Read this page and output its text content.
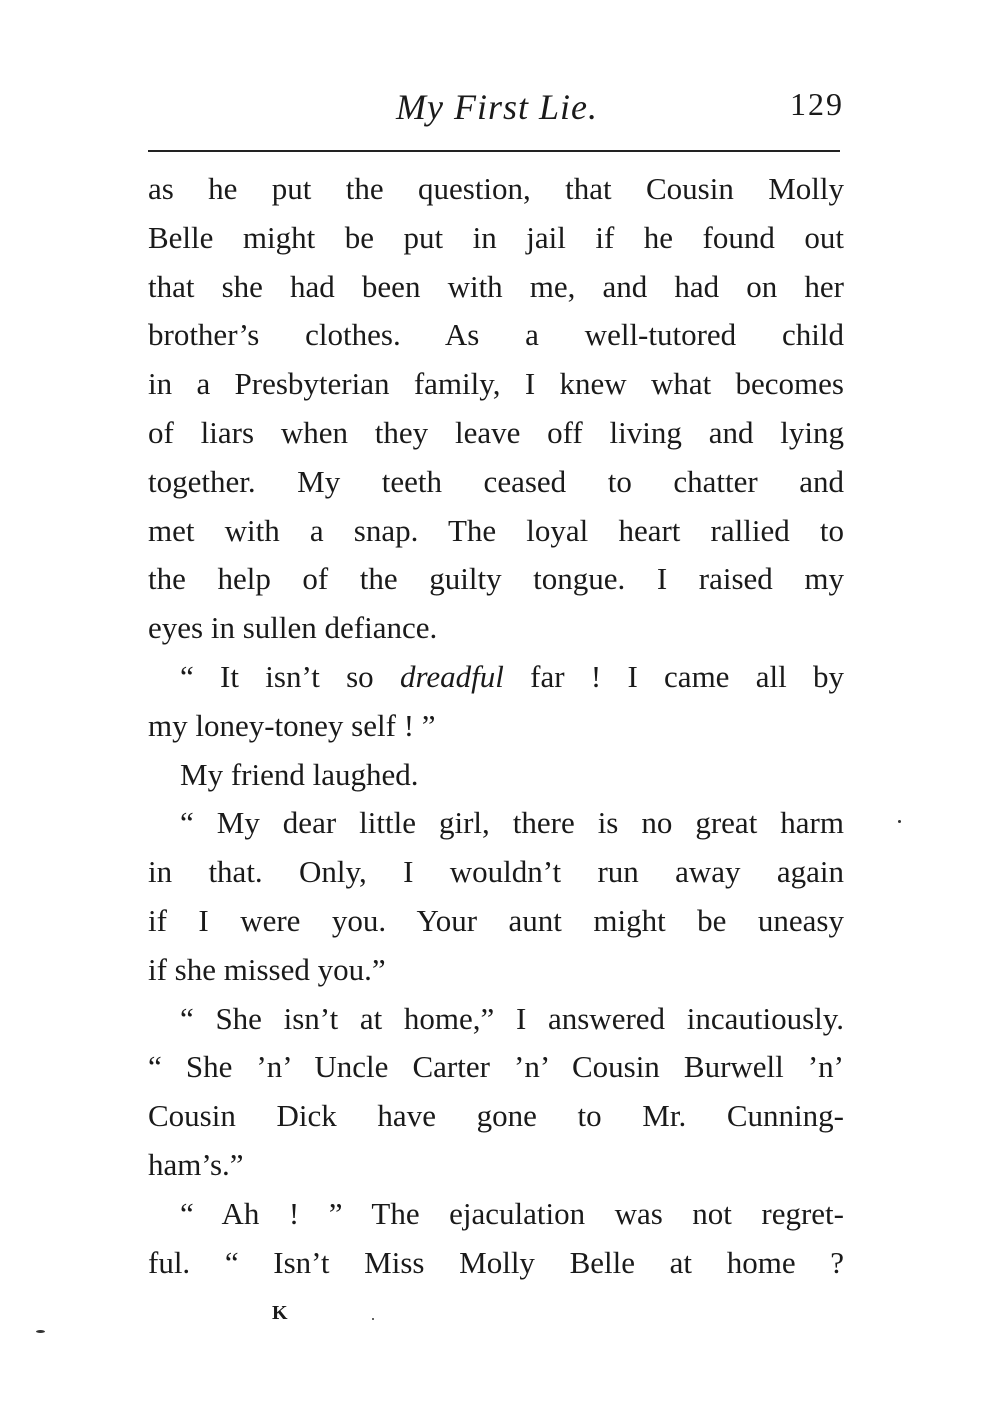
My First Lie.	129
as he put the question, that Cousin Molly
Belle might be put in jail if he found out
that she had been with me, and had on her
brother’s clothes. As a well-tutored child
in a Presbyterian family, I knew what becomes
of liars when they leave off living and lying
together. My teeth ceased to chatter and
met with a snap. The loyal heart rallied to
the help of the guilty tongue. I raised my
eyes in sullen defiance.
“ It isn’t so dreadful far ! I came all by
my loney-toney self ! ”
My friend laughed.
“ My dear little girl, there is no great harm
in that. Only, I wouldn’t run away again
if I were you. Your aunt might be uneasy
if she missed you.”
“ She isn’t at home,” I answered incautiously.
“ She ’n’ Uncle Carter ’n’ Cousin Burwell ’n’
Cousin Dick have gone to Mr. Cunning-
ham’s.”
“ Ah ! ” The ejaculation was not regret-
ful. “ Isn’t Miss Molly Belle at home ?
K
